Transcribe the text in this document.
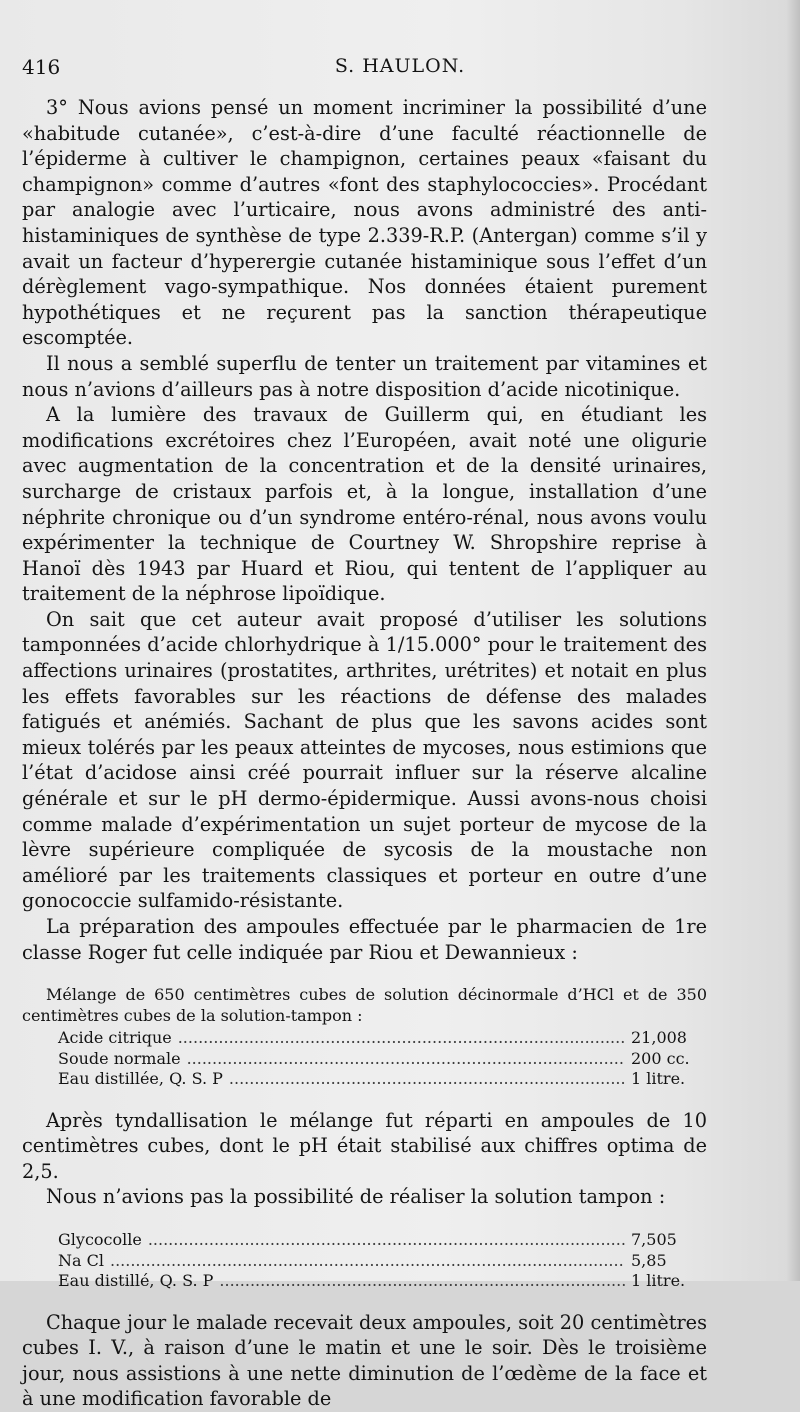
416	S. HAULON.

3° Nous avions pensé un moment incriminer la possibilité d’une «habitude cutanée», c’est-à-dire d’une faculté réactionnelle de l’épiderme à cultiver le champignon, certaines peaux «faisant du champignon» comme d’autres «font des staphylococcies». Procédant par analogie avec l’urticaire, nous avons administré des anti-histaminiques de synthèse de type 2.339-R.P. (Antergan) comme s’il y avait un facteur d’hyperergie cutanée histaminique sous l’effet d’un dérèglement vago-sympathique. Nos données étaient purement hypothétiques et ne reçurent pas la sanction thérapeutique escomptée.

Il nous a semblé superflu de tenter un traitement par vitamines et nous n’avions d’ailleurs pas à notre disposition d’acide nicotinique.

A la lumière des travaux de Guillerm qui, en étudiant les modifications excrétoires chez l’Européen, avait noté une oligurie avec augmentation de la concentration et de la densité urinaires, surcharge de cristaux parfois et, à la longue, installation d’une néphrite chronique ou d’un syndrome entéro-rénal, nous avons voulu expérimenter la technique de Courtney W. Shropshire reprise à Hanoï dès 1943 par Huard et Riou, qui tentent de l’appliquer au traitement de la néphrose lipoïdique.

On sait que cet auteur avait proposé d’utiliser les solutions tamponnées d’acide chlorhydrique à 1/15.000° pour le traitement des affections urinaires (prostatites, arthrites, urétrites) et notait en plus les effets favorables sur les réactions de défense des malades fatigués et anémiés. Sachant de plus que les savons acides sont mieux tolérés par les peaux atteintes de mycoses, nous estimions que l’état d’acidose ainsi créé pourrait influer sur la réserve alcaline générale et sur le pH dermo-épidermique. Aussi avons-nous choisi comme malade d’expérimentation un sujet porteur de mycose de la lèvre supérieure compliquée de sycosis de la moustache non amélioré par les traitements classiques et porteur en outre d’une gonococcie sulfamido-résistante.

La préparation des ampoules effectuée par le pharmacien de 1re classe Roger fut celle indiquée par Riou et Dewannieux :

Mélange de 650 centimètres cubes de solution décinormale d’HCl et de 350 centimètres cubes de la solution-tampon :

Acide citrique .....	21,008
Soude normale .....	200 cc.
Eau distillée, Q. S. P .....	1 litre.

Après tyndallisation le mélange fut réparti en ampoules de 10 centimètres cubes, dont le pH était stabilisé aux chiffres optima de 2,5.

Nous n’avions pas la possibilité de réaliser la solution tampon :

Glycocolle .....	7,505
Na Cl .....	5,85
Eau distillé, Q. S. P .....	1 litre.

Chaque jour le malade recevait deux ampoules, soit 20 centimètres cubes I. V., à raison d’une le matin et une le soir. Dès le troisième jour, nous assistions à une nette diminution de l’œdème de la face et à une modification favorable de
